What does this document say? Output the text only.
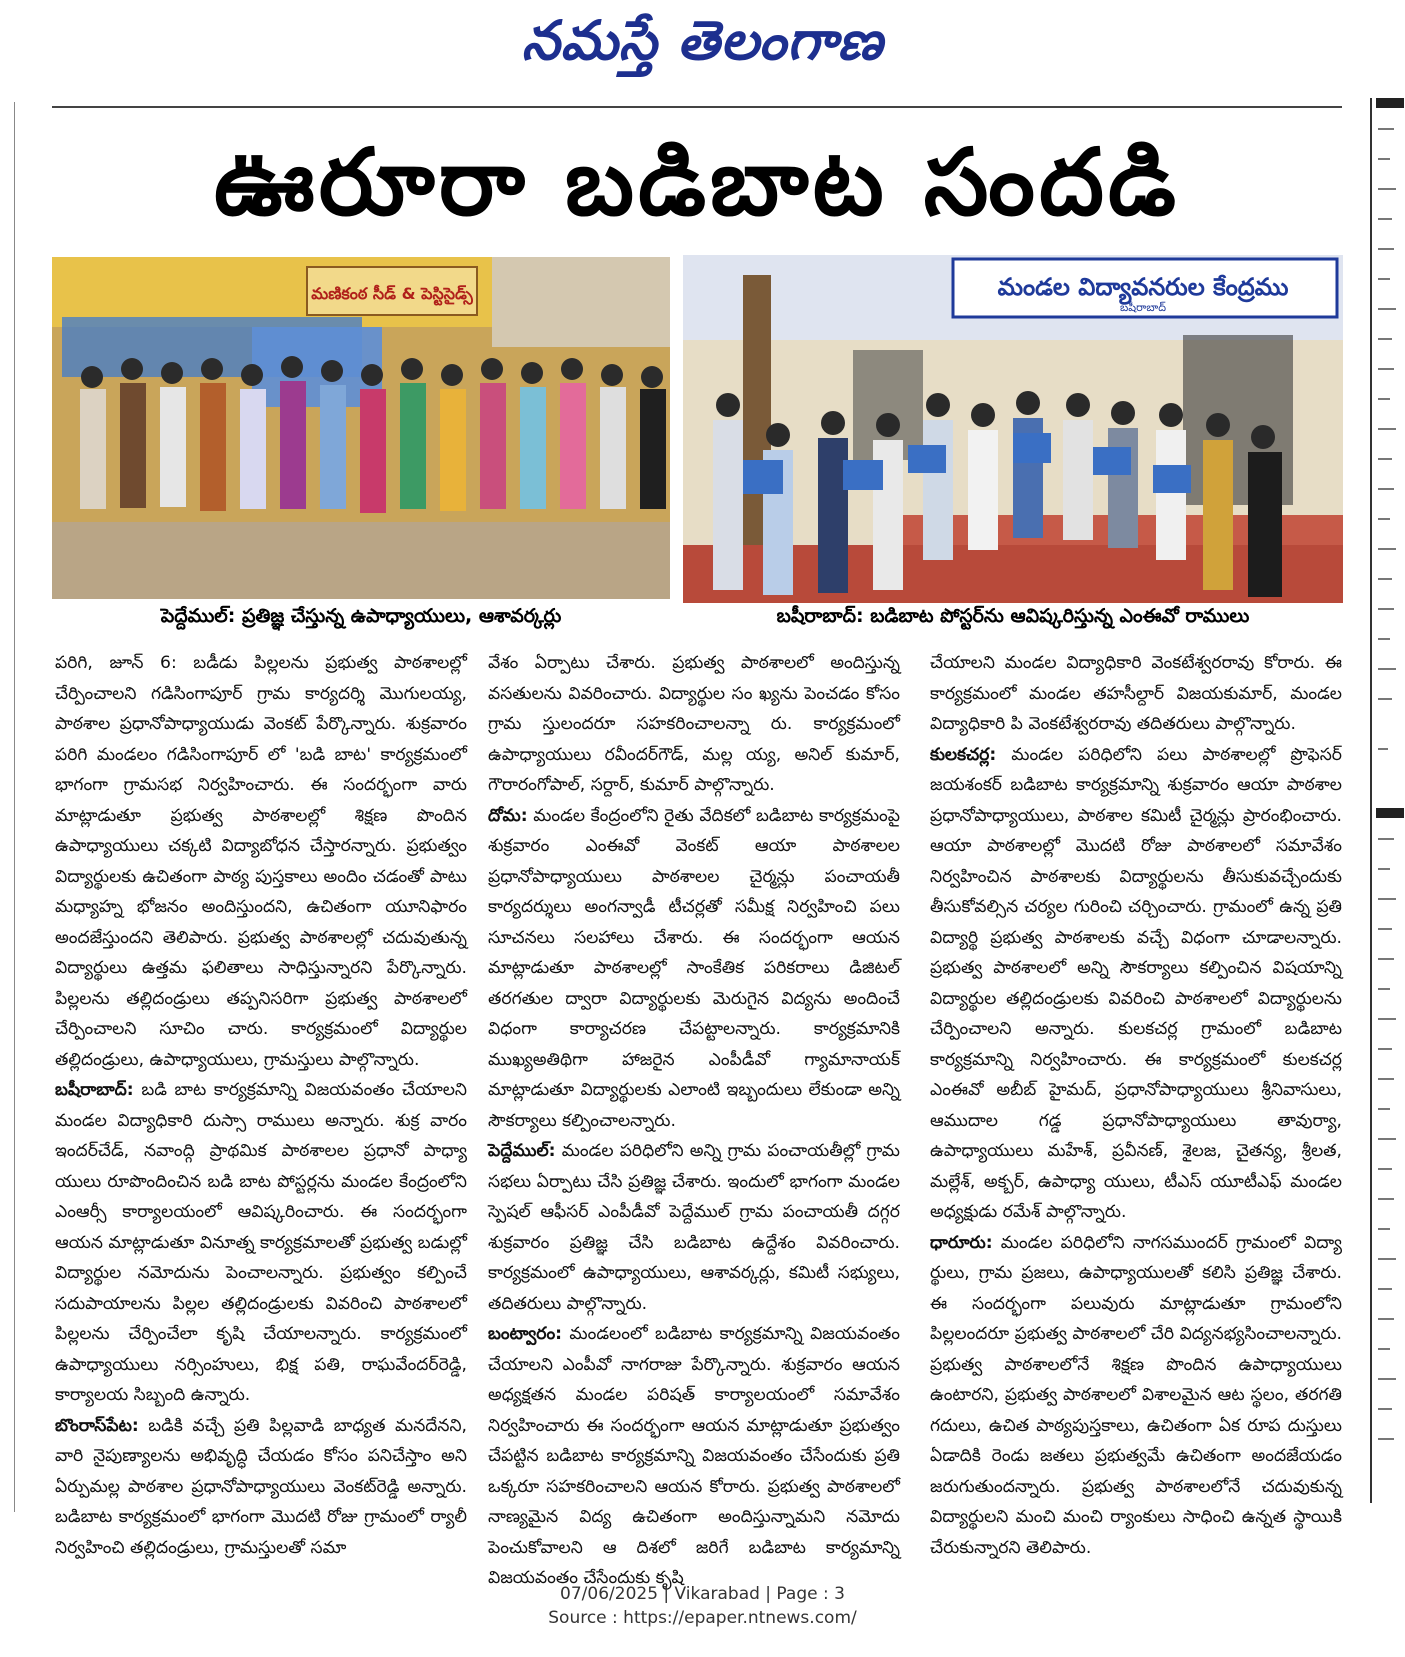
నమస్తే తెలంగాణ
ఊరూరా బడిబాట సందడి
మణికంఠ సీడ్ & పెస్టిసైడ్స్
పెద్దేముల్: ప్రతిజ్ఞ చేస్తున్న ఉపాధ్యాయులు, ఆశావర్కర్లు
మండల విద్యావనరుల కేంద్రము
బషీరాబాద్
బషీరాబాద్: బడిబాట పోస్టర్‌ను ఆవిష్కరిస్తున్న ఎంఈవో రాములు

పరిగి, జూన్ 6: బడీడు పిల్లలను ప్రభుత్వ పాఠశాలల్లో చేర్పించాలని గడిసింగాపూర్ గ్రామ కార్యదర్శి మొగులయ్య, పాఠశాల ప్రధానోపాధ్యాయుడు వెంకట్ పేర్కొన్నారు. శుక్రవారం పరిగి మండలం గడిసింగాపూర్ లో 'బడి బాట' కార్యక్రమంలో భాగంగా గ్రామసభ నిర్వహించారు. ఈ సందర్భంగా వారు మాట్లాడుతూ ప్రభుత్వ పాఠశాలల్లో శిక్షణ పొందిన ఉపాధ్యాయులు చక్కటి విద్యాబోధన చేస్తారన్నారు. ప్రభుత్వం విద్యార్థులకు ఉచితంగా పాఠ్య పుస్తకాలు అందిం చడంతో పాటు మధ్యాహ్న భోజనం అందిస్తుందని, ఉచితంగా యూనిఫారం అందజేస్తుందని తెలిపారు. ప్రభుత్వ పాఠశాలల్లో చదువుతున్న విద్యార్థులు ఉత్తమ ఫలితాలు సాధిస్తున్నారని పేర్కొన్నారు. పిల్లలను తల్లిదండ్రులు తప్పనిసరిగా ప్రభుత్వ పాఠశాలలో చేర్పించాలని సూచిం చారు. కార్యక్రమంలో విద్యార్థుల తల్లిదండ్రులు, ఉపాధ్యాయులు, గ్రామస్తులు పాల్గొన్నారు.

బషీరాబాద్: బడి బాట కార్యక్రమాన్ని విజయవంతం చేయాలని మండల విద్యాధికారి దుస్సా రాములు అన్నారు. శుక్ర వారం ఇందర్‌చేడ్, నవాంద్గి ప్రాథమిక పాఠశాలల ప్రధానో పాధ్యా యులు రూపొందించిన బడి బాట పోస్టర్లను మండల కేంద్రంలోని ఎంఆర్సీ కార్యాలయంలో ఆవిష్కరించారు. ఈ సందర్భంగా ఆయన మాట్లాడుతూ వినూత్న కార్యక్రమాలతో ప్రభుత్వ బడుల్లో విద్యార్థుల నమోదును పెంచాలన్నారు. ప్రభుత్వం కల్పించే సదుపాయాలను పిల్లల తల్లిదండ్రులకు వివరించి పాఠశాలలో పిల్లలను చేర్పించేలా కృషి చేయాలన్నారు. కార్యక్రమంలో ఉపాధ్యాయులు నర్సింహులు, భిక్ష పతి, రాఘవేందర్‌రెడ్డి, కార్యాలయ సిబ్బంది ఉన్నారు.

బొంరాస్‌పేట: బడికి వచ్చే ప్రతి పిల్లవాడి బాధ్యత మనదేనని, వారి నైపుణ్యాలను అభివృద్ధి చేయడం కోసం పనిచేస్తాం అని ఏర్పుమల్ల పాఠశాల ప్రధానోపాధ్యాయులు వెంకట్‌రెడ్డి అన్నారు. బడిబాట కార్యక్రమంలో భాగంగా మొదటి రోజు గ్రామంలో ర్యాలీ నిర్వహించి తల్లిదండ్రులు, గ్రామస్తులతో సమా

వేశం ఏర్పాటు చేశారు. ప్రభుత్వ పాఠశాలలో అందిస్తున్న వసతులను వివరించారు. విద్యార్థుల సం ఖ్యను పెంచడం కోసం గ్రామ స్తులందరూ సహకరించాలన్నా రు. కార్యక్రమంలో ఉపాధ్యాయులు రవీందర్‌గౌడ్, మల్ల య్య, అనిల్ కుమార్, గౌరారంగోపాల్, సర్దార్, కుమార్ పాల్గొన్నారు.

దోమ: మండల కేంద్రంలోని రైతు వేదికలో బడిబాట కార్యక్రమంపై శుక్రవారం ఎంఈవో వెంకట్ ఆయా పాఠశాలల ప్రధానోపాధ్యాయులు పాఠశాలల చైర్మన్లు పంచాయతీ కార్యదర్శులు అంగన్వాడీ టీచర్లతో సమీక్ష నిర్వహించి పలు సూచనలు సలహాలు చేశారు. ఈ సందర్భంగా ఆయన మాట్లాడుతూ పాఠశాలల్లో సాంకేతిక పరికరాలు డిజిటల్ తరగతుల ద్వారా విద్యార్థులకు మెరుగైన విద్యను అందించే విధంగా కార్యాచరణ చేపట్టాలన్నారు. కార్యక్రమానికి ముఖ్యఅతిథిగా హాజరైన ఎంపీడీవో గ్యామానాయక్ మాట్లాడుతూ విద్యార్థులకు ఎలాంటి ఇబ్బందులు లేకుండా అన్ని సౌకర్యాలు కల్పించాలన్నారు.

పెద్దేముల్: మండల పరిధిలోని అన్ని గ్రామ పంచాయతీల్లో గ్రామ సభలు ఏర్పాటు చేసి ప్రతిజ్ఞ చేశారు. ఇందులో భాగంగా మండల స్పెషల్ ఆఫీసర్ ఎంపీడీవో పెద్దేముల్ గ్రామ పంచాయతీ దగ్గర శుక్రవారం ప్రతిజ్ఞ చేసి బడిబాట ఉద్దేశం వివరించారు. కార్యక్రమంలో ఉపాధ్యాయులు, ఆశావర్కర్లు, కమిటీ సభ్యులు, తదితరులు పాల్గొన్నారు.

బంట్వారం: మండలంలో బడిబాట కార్యక్రమాన్ని విజయవంతం చేయాలని ఎంపీవో నాగరాజు పేర్కొన్నారు. శుక్రవారం ఆయన అధ్యక్షతన మండల పరిషత్ కార్యాలయంలో సమావేశం నిర్వహించారు ఈ సందర్భంగా ఆయన మాట్లాడుతూ ప్రభుత్వం చేపట్టిన బడిబాట కార్యక్రమాన్ని విజయవంతం చేసేందుకు ప్రతి ఒక్కరూ సహకరించాలని ఆయన కోరారు. ప్రభుత్వ పాఠశాలలో నాణ్యమైన విద్య ఉచితంగా అందిస్తున్నామని నమోదు పెంచుకోవాలని ఆ దిశలో జరిగే బడిబాట కార్యమాన్ని విజయవంతం చేసేందుకు కృషి

చేయాలని మండల విద్యాధికారి వెంకటేశ్వరరావు కోరారు. ఈ కార్యక్రమంలో మండల తహసీల్దార్ విజయకుమార్, మండల విద్యాధికారి పి వెంకటేశ్వరరావు తదితరులు పాల్గొన్నారు.

కులకచర్ల: మండల పరిధిలోని పలు పాఠశాలల్లో ప్రొఫెసర్ జయశంకర్ బడిబాట కార్యక్రమాన్ని శుక్రవారం ఆయా పాఠశాల ప్రధానోపాధ్యాయులు, పాఠశాల కమిటీ చైర్మన్లు ప్రారంభించారు. ఆయా పాఠశాలల్లో మొదటి రోజు పాఠశాలలో సమావేశం నిర్వహించిన పాఠశాలకు విద్యార్థులను తీసుకువచ్చేందుకు తీసుకోవల్సిన చర్యల గురించి చర్చించారు. గ్రామంలో ఉన్న ప్రతి విద్యార్థి ప్రభుత్వ పాఠశాలకు వచ్చే విధంగా చూడాలన్నారు. ప్రభుత్వ పాఠశాలలో అన్ని సౌకర్యాలు కల్పించిన విషయాన్ని విద్యార్థుల తల్లిదండ్రులకు వివరించి పాఠశాలలో విద్యార్థులను చేర్పించాలని అన్నారు. కులకచర్ల గ్రామంలో బడిబాట కార్యక్రమాన్ని నిర్వహించారు. ఈ కార్యక్రమంలో కులకచర్ల ఎంఈవో అబీబ్ హైమద్, ప్రధానోపాధ్యాయులు శ్రీనివాసులు, ఆముదాల గడ్డ ప్రధానోపాధ్యాయులు తావుర్యా, ఉపాధ్యాయులు మహేశ్, ప్రవీనణ్, శైలజ, చైతన్య, శ్రీలత, మల్లేశ్, అక్బర్, ఉపాధ్యా యులు, టీఎస్ యూటీఎఫ్ మండల అధ్యక్షుడు రమేశ్ పాల్గొన్నారు.

ధారూరు: మండల పరిధిలోని నాగసముందర్ గ్రామంలో విద్యా ర్థులు, గ్రామ ప్రజలు, ఉపాధ్యాయులతో కలిసి ప్రతిజ్ఞ చేశారు. ఈ సందర్భంగా పలువురు మాట్లాడుతూ గ్రామంలోని పిల్లలందరూ ప్రభుత్వ పాఠశాలలో చేరి విద్యనభ్యసించాలన్నారు. ప్రభుత్వ పాఠశాలలోనే శిక్షణ పొందిన ఉపాధ్యాయులు ఉంటారని, ప్రభుత్వ పాఠశాలలో విశాలమైన ఆట స్థలం, తరగతి గదులు, ఉచిత పాఠ్యపుస్తకాలు, ఉచితంగా ఏక రూప దుస్తులు ఏడాదికి రెండు జతలు ప్రభుత్వమే ఉచితంగా అందజేయడం జరుగుతుందన్నారు. ప్రభుత్వ పాఠశాలలోనే చదువుకున్న విద్యార్థులని మంచి మంచి ర్యాంకులు సాధించి ఉన్నత స్థాయికి చేరుకున్నారని తెలిపారు.

07/06/2025 | Vikarabad | Page : 3
Source : https://epaper.ntnews.com/
